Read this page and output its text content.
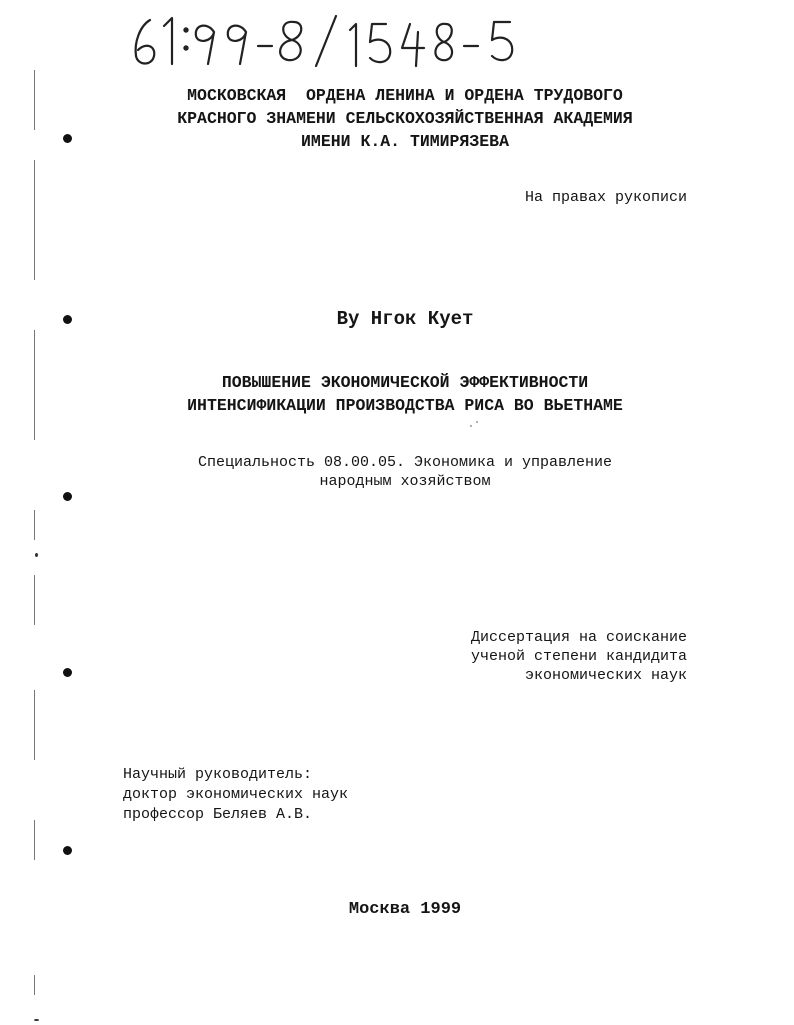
МОСКОВСКАЯ  ОРДЕНА ЛЕНИНА И ОРДЕНА ТРУДОВОГО
КРАСНОГО ЗНАМЕНИ СЕЛЬСКОХОЗЯЙСТВЕННАЯ АКАДЕМИЯ
ИМЕНИ К.А. ТИМИРЯЗЕВА
На правах рукописи
Ву Нгок Кует
ПОВЫШЕНИЕ ЭКОНОМИЧЕСКОЙ ЭФФЕКТИВНОСТИ
ИНТЕНСИФИКАЦИИ ПРОИЗВОДСТВА РИСА ВО ВЬЕТНАМЕ
Специальность 08.00.05. Экономика и управление
народным хозяйством
Диссертация на соискание
ученой степени кандидита
экономических наук
Научный руководитель:
доктор экономических наук
профессор Беляев А.В.
Москва 1999
